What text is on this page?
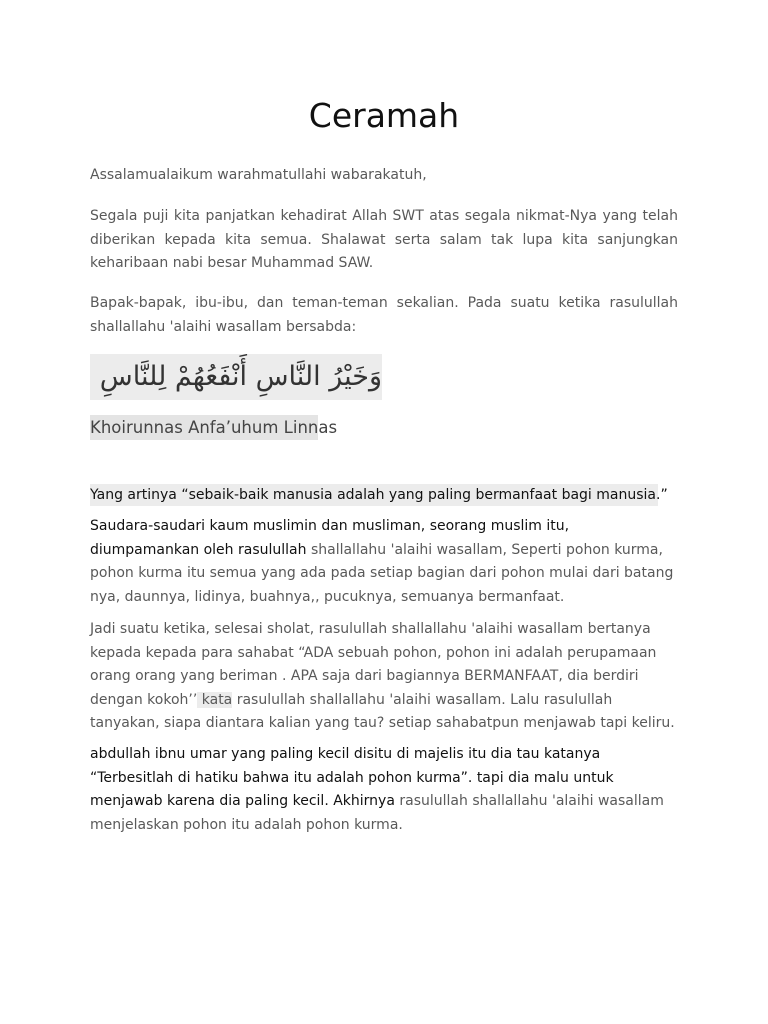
Ceramah

Assalamualaikum warahmatullahi wabarakatuh,

Segala puji kita panjatkan kehadirat Allah SWT atas segala nikmat-Nya yang telah diberikan kepada kita semua. Shalawat serta salam tak lupa kita sanjungkan keharibaan nabi besar Muhammad SAW.

Bapak-bapak, ibu-ibu, dan teman-teman sekalian. Pada suatu ketika rasulullah shallallahu 'alaihi wasallam bersabda:

وَخَيْرُ النَّاسِ أَنْفَعُهُمْ لِلنَّاسِ

Khoirunnas Anfa’uhum Linnas

Yang artinya “sebaik-baik manusia adalah yang paling bermanfaat bagi manusia.”

Saudara-saudari kaum muslimin dan musliman, seorang muslim itu, diumpamankan oleh rasulullah shallallahu 'alaihi wasallam, Seperti pohon kurma, pohon kurma itu semua yang ada pada setiap bagian dari pohon mulai dari batang nya, daunnya, lidinya, buahnya,, pucuknya, semuanya bermanfaat.

Jadi suatu ketika, selesai sholat, rasulullah shallallahu 'alaihi wasallam bertanya kepada kepada para sahabat “ADA sebuah pohon, pohon ini adalah perupamaan orang orang yang beriman . APA saja dari bagiannya BERMANFAAT, dia berdiri dengan kokoh’’ kata rasulullah shallallahu 'alaihi wasallam. Lalu rasulullah tanyakan, siapa diantara kalian yang tau? setiap sahabatpun menjawab tapi keliru.

abdullah ibnu umar yang paling kecil disitu di majelis itu dia tau katanya “Terbesitlah di hatiku bahwa itu adalah pohon kurma”. tapi dia malu untuk menjawab karena dia paling kecil. Akhirnya rasulullah shallallahu 'alaihi wasallam menjelaskan pohon itu adalah pohon kurma.
